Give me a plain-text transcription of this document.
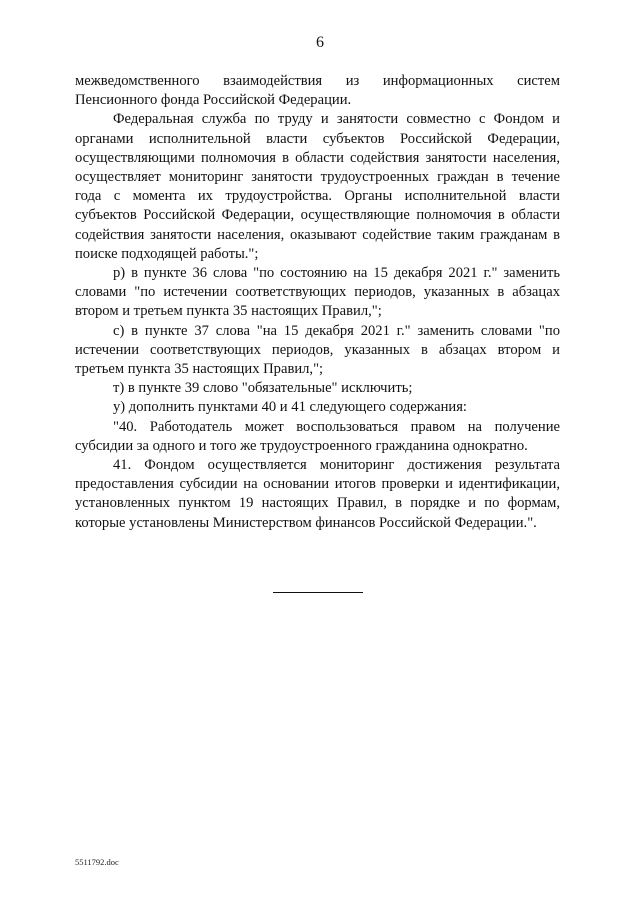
6

межведомственного взаимодействия из информационных систем Пенсионного фонда Российской Федерации.

Федеральная служба по труду и занятости совместно с Фондом и органами исполнительной власти субъектов Российской Федерации, осуществляющими полномочия в области содействия занятости населения, осуществляет мониторинг занятости трудоустроенных граждан в течение года с момента их трудоустройства. Органы исполнительной власти субъектов Российской Федерации, осуществляющие полномочия в области содействия занятости населения, оказывают содействие таким гражданам в поиске подходящей работы.";

р) в пункте 36 слова "по состоянию на 15 декабря 2021 г." заменить словами "по истечении соответствующих периодов, указанных в абзацах втором и третьем пункта 35 настоящих Правил,";

с) в пункте 37 слова "на 15 декабря 2021 г." заменить словами "по истечении соответствующих периодов, указанных в абзацах втором и третьем пункта 35 настоящих Правил,";

т) в пункте 39 слово "обязательные" исключить;

у) дополнить пунктами 40 и 41 следующего содержания:

"40. Работодатель может воспользоваться правом на получение субсидии за одного и того же трудоустроенного гражданина однократно.

41. Фондом осуществляется мониторинг достижения результата предоставления субсидии на основании итогов проверки и идентификации, установленных пунктом 19 настоящих Правил, в порядке и по формам, которые установлены Министерством финансов Российской Федерации.".

5511792.doc
